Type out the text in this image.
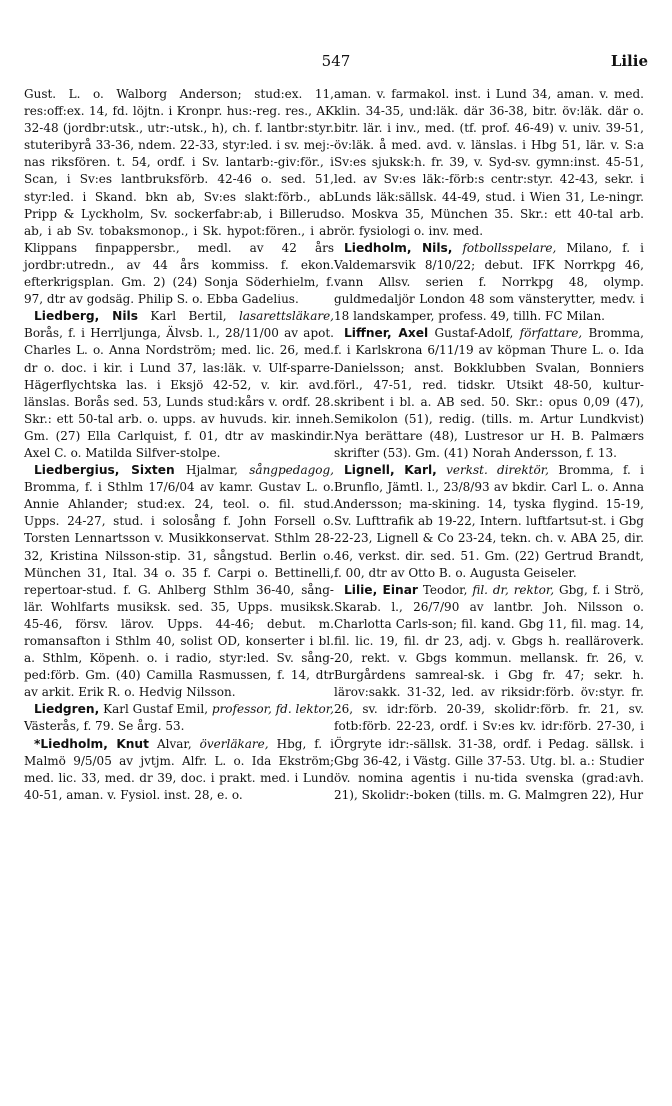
547	Lilie

Gust. L. o. Walborg Anderson; stud:ex. 11, res:off:ex. 14, fd. löjtn. i Kronpr. hus:-reg. res., AK 32-48 (jordbr:utsk., utr:-utsk., h), ch. f. lantbr:styr. stuteribyrå 33-36, ndem. 22-33, styr:led. i sv. mej:-nas riksfören. t. 54, ordf. i Sv. lantarb:-giv:för., i Scan, i Sv:es lantbruksförb. 42-46 o. sed. 51, styr:led. i Skand. bkn ab, Sv:es slakt:förb., ab Pripp & Lyckholm, Sv. sockerfabr:ab, i Billeruds ab, i ab Sv. tobaksmonop., i Sk. hypot:fören., i ab Klippans finpappersbr., medl. av 42 års jordbr:utredn., av 44 års kommiss. f. ekon. efterkrigsplan. Gm. 2) (24) Sonja Söderhielm, f. 97, dtr av godsäg. Philip S. o. Ebba Gadelius.

Liedberg, Nils Karl Bertil, lasarettsläkare, Borås, f. i Herrljunga, Älvsb. l., 28/11/00 av apot. Charles L. o. Anna Nordström; med. lic. 26, med. dr o. doc. i kir. i Lund 37, las:läk. v. Ulf-sparre-Hägerflychtska las. i Eksjö 42-52, v. kir. avd. länslas. Borås sed. 53, Lunds stud:kårs v. ordf. 28. Skr.: ett 50-tal arb. o. upps. av huvuds. kir. inneh. Gm. (27) Ella Carlquist, f. 01, dtr av maskindir. Axel C. o. Matilda Silfver-stolpe.

Liedbergius, Sixten Hjalmar, sångpedagog, Bromma, f. i Sthlm 17/6/04 av kamr. Gustav L. o. Annie Ahlander; stud:ex. 24, teol. o. fil. stud. Upps. 24-27, stud. i solosång f. John Forsell o. Torsten Lennartsson v. Musikkonservat. Sthlm 28-32, Kristina Nilsson-stip. 31, sångstud. Berlin o. München 31, Ital. 34 o. 35 f. Carpi o. Bettinelli, repertoar-stud. f. G. Ahlberg Sthlm 36-40, sång-lär. Wohlfarts musiksk. sed. 35, Upps. musiksk. 45-46, försv. lärov. Upps. 44-46; debut. m. romansafton i Sthlm 40, solist OD, konserter i bl. a. Sthlm, Köpenh. o. i radio, styr:led. Sv. sång-ped:förb. Gm. (40) Camilla Rasmussen, f. 14, dtr av arkit. Erik R. o. Hedvig Nilsson.

Liedgren, Karl Gustaf Emil, professor, fd. lektor, Västerås, f. 79. Se årg. 53.

*Liedholm, Knut Alvar, överläkare, Hbg, f. i Malmö 9/5/05 av jvtjm. Alfr. L. o. Ida Ekström; med. lic. 33, med. dr 39, doc. i prakt. med. i Lund 40-51, aman. v. Fysiol. inst. 28, e. o.

aman. v. farmakol. inst. i Lund 34, aman. v. med. klin. 34-35, und:läk. där 36-38, bitr. öv:läk. där o. bitr. lär. i inv., med. (tf. prof. 46-49) v. univ. 39-51, öv:läk. å med. avd. v. länslas. i Hbg 51, lär. v. S:a Sv:es sjuksk:h. fr. 39, v. Syd-sv. gymn:inst. 45-51, led. av Sv:es läk:-förb:s centr:styr. 42-43, sekr. i Lunds läk:sällsk. 44-49, stud. i Wien 31, Le-ningr. o. Moskva 35, München 35. Skr.: ett 40-tal arb. rör. fysiologi o. inv. med.

Liedholm, Nils, fotbollsspelare, Milano, f. i Valdemarsvik 8/10/22; debut. IFK Norrkpg 46, vann Allsv. serien f. Norrkpg 48, olymp. guldmedaljör London 48 som vänsterytter, medv. i 18 landskamper, profess. 49, tillh. FC Milan.

Liffner, Axel Gustaf-Adolf, författare, Bromma, f. i Karlskrona 6/11/19 av köpman Thure L. o. Ida Danielsson; anst. Bokklubben Svalan, Bonniers förl., 47-51, red. tidskr. Utsikt 48-50, kultur-skribent i bl. a. AB sed. 50. Skr.: opus 0,09 (47), Semikolon (51), redig. (tills. m. Artur Lundkvist) Nya berättare (48), Lustresor ur H. B. Palmærs skrifter (53). Gm. (41) Norah Andersson, f. 13.

Lignell, Karl, verkst. direktör, Bromma, f. i Brunflo, Jämtl. l., 23/8/93 av bkdir. Carl L. o. Anna Andersson; ma-skining. 14, tyska flygind. 15-19, Sv. Lufttrafik ab 19-22, Intern. luftfartsut-st. i Gbg 22-23, Lignell & Co 23-24, tekn. ch. v. ABA 25, dir. 46, verkst. dir. sed. 51. Gm. (22) Gertrud Brandt, f. 00, dtr av Otto B. o. Augusta Geiseler.

Lilie, Einar Teodor, fil. dr, rektor, Gbg, f. i Strö, Skarab. l., 26/7/90 av lantbr. Joh. Nilsson o. Charlotta Carls-son; fil. kand. Gbg 11, fil. mag. 14, fil. lic. 19, fil. dr 23, adj. v. Gbgs h. realläroverk. 20, rekt. v. Gbgs kommun. mellansk. fr. 26, v. Burgårdens samreal-sk. i Gbg fr. 47; sekr. h. lärov:sakk. 31-32, led. av riksidr:förb. öv:styr. fr. 26, sv. idr:förb. 20-39, skolidr:förb. fr. 21, sv. fotb:förb. 22-23, ordf. i Sv:es kv. idr:förb. 27-30, i Örgryte idr:-sällsk. 31-38, ordf. i Pedag. sällsk. i Gbg 36-42, i Västg. Gille 37-53. Utg. bl. a.: Studier öv. nomina agentis i nu-tida svenska (grad:avh. 21), Skolidr:-boken (tills. m. G. Malmgren 22), Hur
